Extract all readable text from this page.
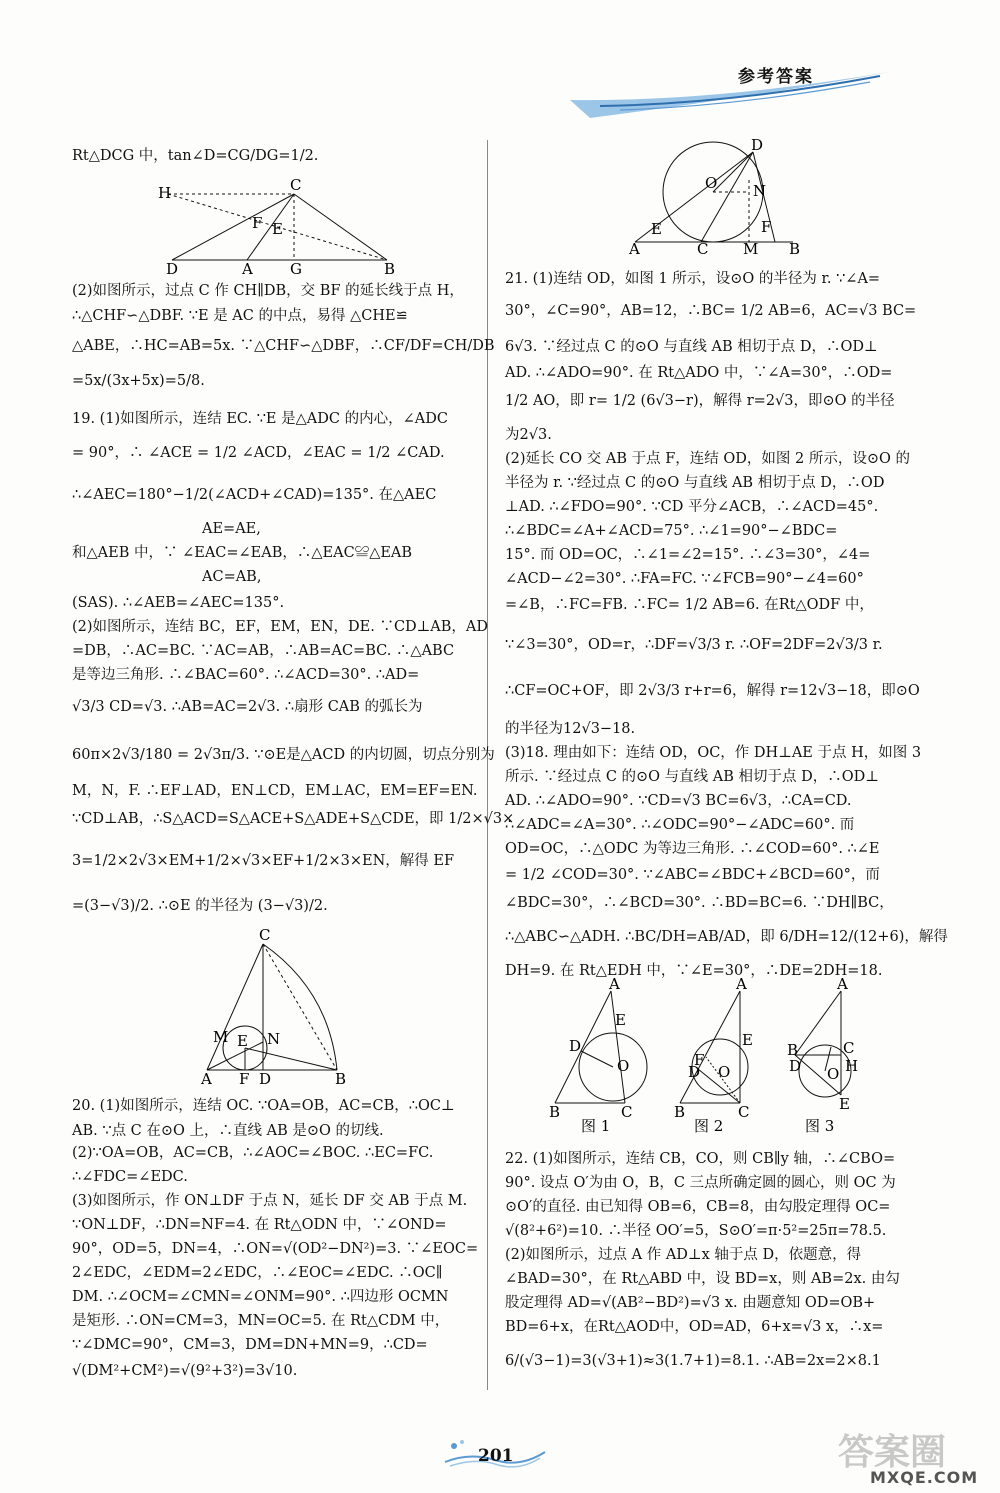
参考答案
Rt△DCG 中，tan∠D=CG/DG=1/2.
H	C
F E
D	A G	B
(2)如图所示，过点 C 作 CH∥DB，交 BF 的延长线于点 H，
∴△CHF∽△DBF. ∵E 是 AC 的中点，易得 △CHE≌
△ABE，∴HC=AB=5x. ∵△CHF∽△DBF，∴CF/DF=CH/DB
=5x/(3x+5x)=5/8.
19. (1)如图所示，连结 EC. ∵E 是△ADC 的内心，∠ADC
= 90°，∴ ∠ACE = 1/2 ∠ACD，∠EAC = 1/2 ∠CAD.
∴∠AEC=180°−1/2(∠ACD+∠CAD)=135°. 在△AEC
AE=AE,
和△AEB 中，∵ ∠EAC=∠EAB，∴△EAC≌△EAB
AC=AB,
(SAS). ∴∠AEB=∠AEC=135°.
(2)如图所示，连结 BC，EF，EM，EN，DE. ∵CD⊥AB，AD
=DB，∴AC=BC. ∵AC=AB，∴AB=AC=BC. ∴△ABC
是等边三角形. ∴∠BAC=60°. ∴∠ACD=30°. ∴AD=
√3/3 CD=√3. ∴AB=AC=2√3. ∴扇形 CAB 的弧长为
60π×2√3/180 = 2√3π/3. ∵⊙E是△ACD 的内切圆，切点分别为
M，N，F. ∴EF⊥AD，EN⊥CD，EM⊥AC，EM=EF=EN.
∵CD⊥AB，∴S△ACD=S△ACE+S△ADE+S△CDE，即 1/2×√3×
3=1/2×2√3×EM+1/2×√3×EF+1/2×3×EN，解得 EF
=(3−√3)/2. ∴⊙E 的半径为 (3−√3)/2.
C
M E N
A F D	B
20. (1)如图所示，连结 OC. ∵OA=OB，AC=CB，∴OC⊥
AB. ∵点 C 在⊙O 上，∴直线 AB 是⊙O 的切线.
(2)∵OA=OB，AC=CB，∴∠AOC=∠BOC. ∴EC=FC.
∴∠FDC=∠EDC.
(3)如图所示，作 ON⊥DF 于点 N，延长 DF 交 AB 于点 M.
∵ON⊥DF，∴DN=NF=4. 在 Rt△ODN 中，∵∠OND=
90°，OD=5，DN=4，∴ON=√(OD²−DN²)=3. ∵∠EOC=
2∠EDC，∠EDM=2∠EDC，∴∠EOC=∠EDC. ∴OC∥
DM. ∴∠OCM=∠CMN=∠ONM=90°. ∴四边形 OCMN
是矩形. ∴ON=CM=3，MN=OC=5. 在 Rt△CDM 中，
∵∠DMC=90°，CM=3，DM=DN+MN=9，∴CD=
√(DM²+CM²)=√(9²+3²)=3√10.
D
O N
E	F
A	C M B
21. (1)连结 OD，如图 1 所示，设⊙O 的半径为 r. ∵∠A=
30°，∠C=90°，AB=12，∴BC= 1/2 AB=6，AC=√3 BC=
6√3. ∵经过点 C 的⊙O 与直线 AB 相切于点 D，∴OD⊥
AD. ∴∠ADO=90°. 在 Rt△ADO 中，∵∠A=30°，∴OD=
1/2 AO，即 r= 1/2 (6√3−r)，解得 r=2√3，即⊙O 的半径
为2√3.
(2)延长 CO 交 AB 于点 F，连结 OD，如图 2 所示，设⊙O 的
半径为 r. ∵经过点 C 的⊙O 与直线 AB 相切于点 D，∴OD
⊥AD. ∴∠FDO=90°. ∵CD 平分∠ACB，∴∠ACD=45°.
∴∠BDC=∠A+∠ACD=75°. ∴∠1=90°−∠BDC=
15°. 而 OD=OC，∴∠1=∠2=15°. ∴∠3=30°，∠4=
∠ACD−∠2=30°. ∴FA=FC. ∵∠FCB=90°−∠4=60°
=∠B，∴FC=FB. ∴FC= 1/2 AB=6. 在Rt△ODF 中，
∵∠3=30°，OD=r，∴DF=√3/3 r. ∴OF=2DF=2√3/3 r.
∴CF=OC+OF，即 2√3/3 r+r=6，解得 r=12√3−18，即⊙O
的半径为12√3−18.
(3)18. 理由如下：连结 OD，OC，作 DH⊥AE 于点 H，如图 3
所示. ∵经过点 C 的⊙O 与直线 AB 相切于点 D，∴OD⊥
AD. ∴∠ADO=90°. ∵CD=√3 BC=6√3，∴CA=CD.
∴∠ADC=∠A=30°. ∴∠ODC=90°−∠ADC=60°. 而
OD=OC，∴△ODC 为等边三角形. ∴∠COD=60°. ∴∠E
= 1/2 ∠COD=30°. ∵∠ABC=∠BDC+∠BCD=60°，而
∠BDC=30°，∴∠BCD=30°. ∴BD=BC=6. ∵DH∥BC，
∴△ABC∽△ADH. ∴BC/DH=AB/AD，即 6/DH=12/(12+6)，解得
DH=9. 在 Rt△EDH 中，∵∠E=30°，∴DE=2DH=18.
A
E
D
O
B	C
图 1
A
E
F
D O
B	C
图 2
A
B	C
D	H
O
E
图 3
22. (1)如图所示，连结 CB，CO，则 CB∥y 轴，∴∠CBO=
90°. 设点 O′为由 O，B，C 三点所确定圆的圆心，则 OC 为
⊙O′的直径. 由已知得 OB=6，CB=8，由勾股定理得 OC=
√(8²+6²)=10. ∴半径 OO′=5，S⊙O′=π·5²=25π=78.5.
(2)如图所示，过点 A 作 AD⊥x 轴于点 D，依题意，得
∠BAD=30°，在 Rt△ABD 中，设 BD=x，则 AB=2x. 由勾
股定理得 AD=√(AB²−BD²)=√3 x. 由题意知 OD=OB+
BD=6+x，在Rt△AOD中，OD=AD，6+x=√3 x，∴x=
6/(√3−1)=3(√3+1)≈3(1.7+1)=8.1. ∴AB=2x=2×8.1
201	答案圈
MXQE.COM
